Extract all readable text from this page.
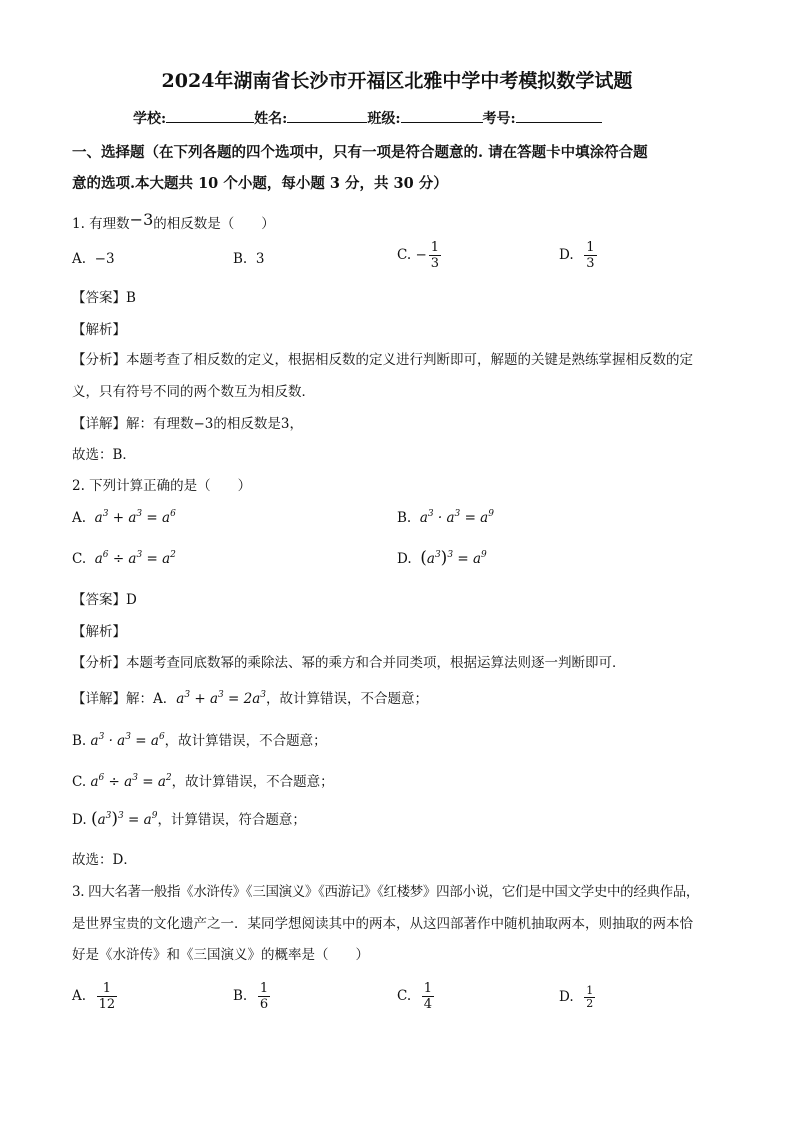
2024年湖南省长沙市开福区北雅中学中考模拟数学试题
学校:	姓名:	班级:	考号:
一、选择题（在下列各题的四个选项中，只有一项是符合题意的. 请在答题卡中填涂符合题
意的选项.本大题共 10 个小题，每小题 3 分，共 30 分）
1. 有理数−3的相反数是（　　）
A. −3	B. 3	C. − $\frac{1}{3}$	D. $\frac{1}{3}$
【答案】B
【解析】
【分析】本题考查了相反数的定义，根据相反数的定义进行判断即可，解题的关键是熟练掌握相反数的定
义，只有符号不同的两个数互为相反数．
【详解】解：有理数−3的相反数是3，
故选：B．
2. 下列计算正确的是（　　）
A. $a^3 + a^3 = a^6$	B. $a^3 \cdot a^3 = a^9$
C. $a^6 \div a^3 = a^2$	D. $(a^3)^3 = a^9$
【答案】D
【解析】
【分析】本题考查同底数幂的乘除法、幂的乘方和合并同类项，根据运算法则逐一判断即可．
【详解】解：A．$a^3 + a^3 = 2a^3$，故计算错误，不合题意；
B. $a^3 \cdot a^3 = a^6$，故计算错误，不合题意；
C. $a^6 \div a^3 = a^2$，故计算错误，不合题意；
D. $(a^3)^3 = a^9$，计算错误，符合题意；
故选：D．
3. 四大名著一般指《水浒传》《三国演义》《西游记》《红楼梦》四部小说，它们是中国文学史中的经典作品，
是世界宝贵的文化遗产之一．某同学想阅读其中的两本，从这四部著作中随机抽取两本，则抽取的两本恰
好是《水浒传》和《三国演义》的概率是（　　）
A. $\frac{1}{12}$	B. $\frac{1}{6}$	C. $\frac{1}{4}$	D. $\frac{1}{2}$
